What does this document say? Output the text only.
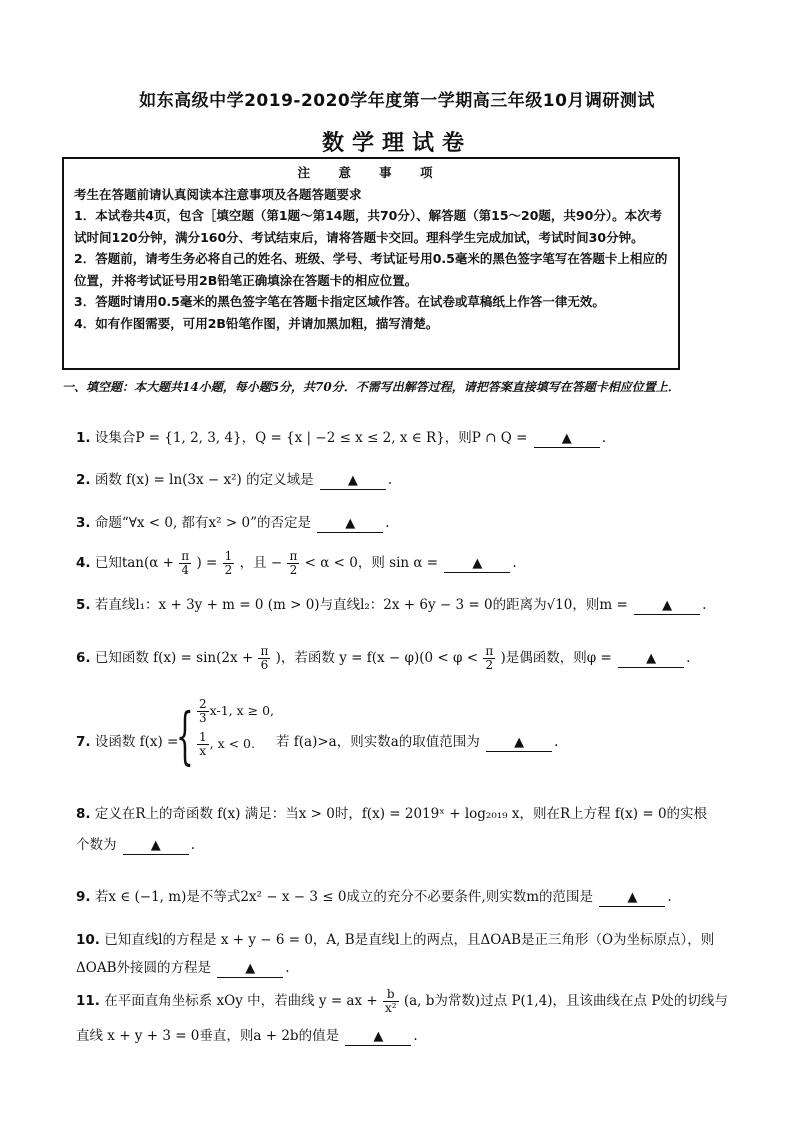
如东高级中学2019-2020学年度第一学期高三年级10月调研测试
数学理试卷
注 意 事 项

考生在答题前请认真阅读本注意事项及各题答题要求

1．本试卷共4页，包含［填空题（第1题～第14题，共70分）、解答题（第15～20题，共90分）。本次考试时间120分钟，满分160分、考试结束后，请将答题卡交回。理科学生完成加试，考试时间30分钟。

2．答题前，请考生务必将自己的姓名、班级、学号、考试证号用0.5毫米的黑色签字笔写在答题卡上相应的位置，并将考试证号用2B铅笔正确填涂在答题卡的相应位置。

3．答题时请用0.5毫米的黑色签字笔在答题卡指定区域作答。在试卷或草稿纸上作答一律无效。

4．如有作图需要，可用2B铅笔作图，并请加黑加粗，描写清楚。

一、填空题：本大题共14小题，每小题5分，共70分．不需写出解答过程，请把答案直接填写在答题卡相应位置上．
1. 设集合P = {1, 2, 3, 4}，Q = {x | −2 ≤ x ≤ 2, x ∈ R}，则P ∩ Q =	▲ .
2. 函数 f(x) = ln(3x − x²) 的定义域是	▲ .
3. 命题“∀x < 0, 都有x² > 0”的否定是	▲ .
4. 已知$\tan(\alpha + \frac{\pi}{4}$ ) = $\frac{1}{2}$ ，且 − $\frac{\pi}{2} < \alpha < 0$，则 sin α =	▲ .
5. 若直线l₁：x + 3y + m = 0 (m > 0)与直线l₂：2x + 6y − 3 = 0的距离为√10，则m =	▲ .
6. 已知函数 $f(x) = \sin(2x + \frac{\pi}{6}$ )，若函数 $y = f(x - \varphi)(0 < \varphi < \frac{\pi}{2}$ )是偶函数，则φ =	▲ .
7. 设函数 f(x) =
{ $\frac{2}{3} x-1$, x ≥ 0,
$\frac{1}{x}$ , x < 0.	若 f(a)>a，则实数a的取值范围为	▲ .
8. 定义在R上的奇函数 f(x) 满足：当x > 0时，f(x) = 2019ˣ + log₂₀₁₉ x，则在R上方程 f(x) = 0的实根
个数为	▲ .
9. 若x ∈ (−1, m)是不等式2x² − x − 3 ≤ 0成立的充分不必要条件,则实数m的范围是	▲ .
10. 已知直线l的方程是 x + y − 6 = 0，A, B是直线l上的两点，且ΔOAB是正三角形（O为坐标原点），则
ΔOAB外接圆的方程是	▲ .
11. 在平面直角坐标系 xOy 中，若曲线 y = ax + $\frac{b}{\text{x²}} (a$, b为常数)过点 P(1,4)，且该曲线在点 P处的切线与
直线 x + y + 3 = 0垂直，则a + 2b的值是	▲ .
